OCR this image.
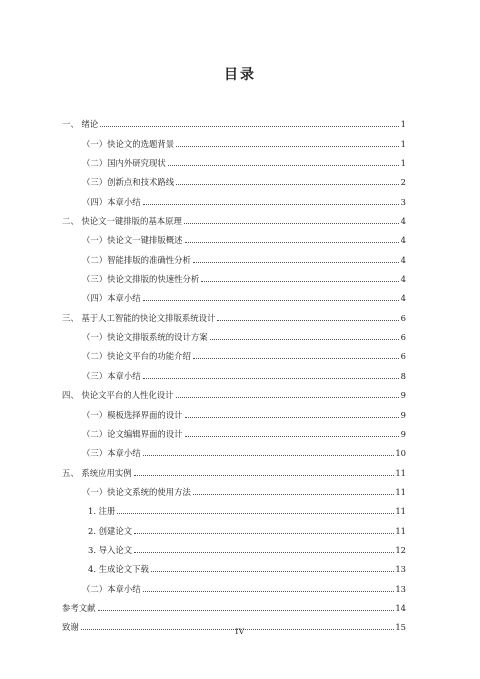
目录
一、 绪论	1
（一）快论文的选题背景	1
（二）国内外研究现状	1
（三）创新点和技术路线	2
（四）本章小结	3
二、 快论文一键排版的基本原理	4
（一）快论文一键排版概述	4
（二）智能排版的准确性分析	4
（三）快论文排版的快速性分析	4
（四）本章小结	4
三、 基于人工智能的快论文排版系统设计	6
（一）快论文排版系统的设计方案	6
（二）快论文平台的功能介绍	6
（三）本章小结	8
四、 快论文平台的人性化设计	9
（一）模板选择界面的设计	9
（二）论文编辑界面的设计	9
（三）本章小结	10
五、 系统应用实例	11
（一）快论文系统的使用方法	11
1. 注册	11
2. 创建论文	11
3. 导入论文	12
4. 生成论文下载	13
（二）本章小结	13
参考文献	14
致谢	15
IV
